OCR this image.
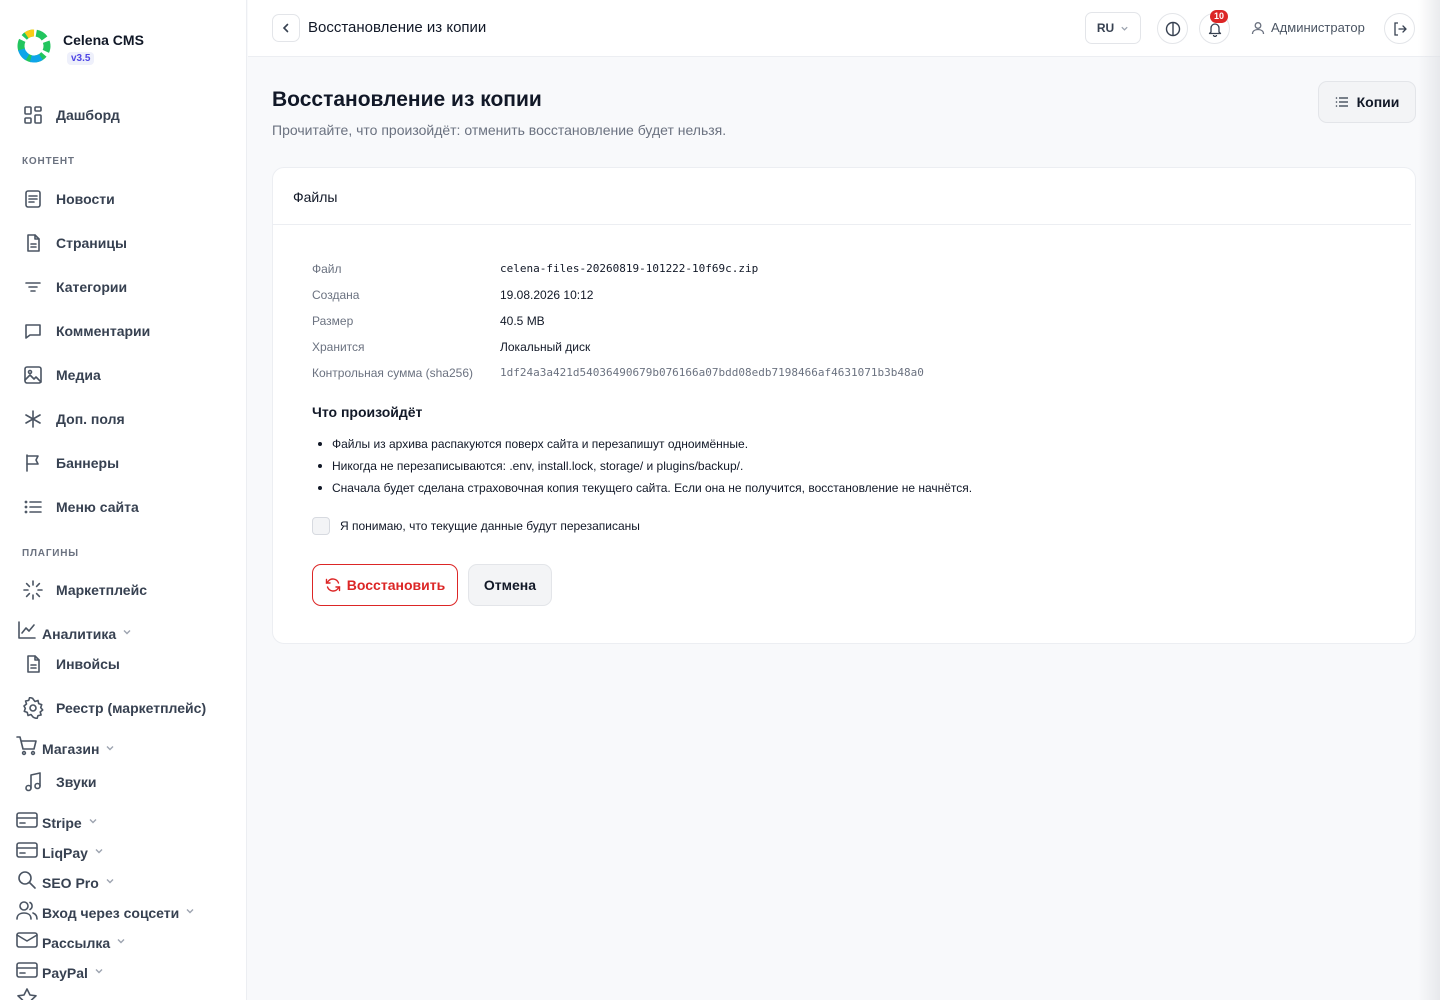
Celena CMS
v3.5
Дашборд
КОНТЕНТ
Новости
Страницы
Категории
Комментарии
Медиа
Доп. поля
Баннеры
Меню сайта
ПЛАГИНЫ
Маркетплейс
Аналитика
Инвойсы
Реестр (маркетплейс)
Магазин
Звуки
Stripe
LiqPay
SEO Pro
Вход через соцсети
Рассылка
PayPal
Восстановление из копии	RU
10
Администратор
Восстановление из копии

Прочитайте, что произойдёт: отменить восстановление будет нельзя.

Копии
Файлы
Файл	celena-files-20260819-101222-10f69c.zip
Создана	19.08.2026 10:12
Размер	40.5 MB
Хранится	Локальный диск
Контрольная сумма (sha256)	1df24a3a421d54036490679b076166a07bdd08edb7198466af4631071b3b48a0
Что произойдёт
Файлы из архива распакуются поверх сайта и перезапишут одноимённые.
Никогда не перезаписываются: .env, install.lock, storage/ и plugins/backup/.
Сначала будет сделана страховочная копия текущего сайта. Если она не получится, восстановление не начнётся.
Я понимаю, что текущие данные будут перезаписаны
Восстановить	Отмена
